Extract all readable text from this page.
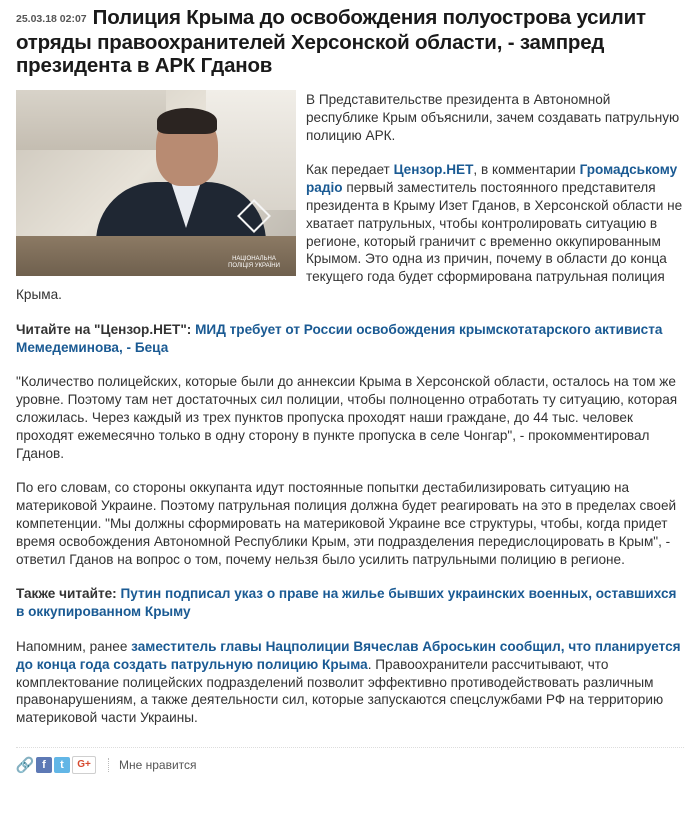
25.03.18 02:07 Полиция Крыма до освобождения полуострова усилит отряды правоохранителей Херсонской области, - зампред президента в АРК Гданов
НАЦІОНАЛЬНА ПОЛІЦІЯ УКРАЇНИ

В Представительстве президента в Автономной республике Крым объяснили, зачем создавать патрульную полицию АРК.

Как передает Цензор.НЕТ, в комментарии Громадському радіо первый заместитель постоянного представителя президента в Крыму Изет Гданов, в Херсонской области не хватает патрульных, чтобы контролировать ситуацию в регионе, который граничит с временно оккупированным Крымом. Это одна из причин, почему в области до конца текущего года будет сформирована патрульная полиция Крыма.

Читайте на "Цензор.НЕТ": МИД требует от России освобождения крымскотатарского активиста Мемедеминова, - Беца

"Количество полицейских, которые были до аннексии Крыма в Херсонской области, осталось на том же уровне. Поэтому там нет достаточных сил полиции, чтобы полноценно отработать ту ситуацию, которая сложилась. Через каждый из трех пунктов пропуска проходят наши граждане, до 44 тыс. человек проходят ежемесячно только в одну сторону в пункте пропуска в селе Чонгар", - прокомментировал Гданов.

По его словам, со стороны оккупанта идут постоянные попытки дестабилизировать ситуацию на материковой Украине. Поэтому патрульная полиция должна будет реагировать на это в пределах своей компетенции. "Мы должны сформировать на материковой Украине все структуры, чтобы, когда придет время освобождения Автономной Республики Крым, эти подразделения передислоцировать в Крым", - ответил Гданов на вопрос о том, почему нельзя было усилить патрульными полицию в регионе.

Также читайте: Путин подписал указ о праве на жилье бывших украинских военных, оставшихся в оккупированном Крыму

Напомним, ранее заместитель главы Нацполиции Вячеслав Аброськин сообщил, что планируется до конца года создать патрульную полицию Крыма. Правоохранители рассчитывают, что комплектование полицейских подразделений позволит эффективно противодействовать различным правонарушениям, а также деятельности сил, которые запускаются спецслужбами РФ на территорию материковой части Украины.

🔗 f	t	G+	Мне нравится
